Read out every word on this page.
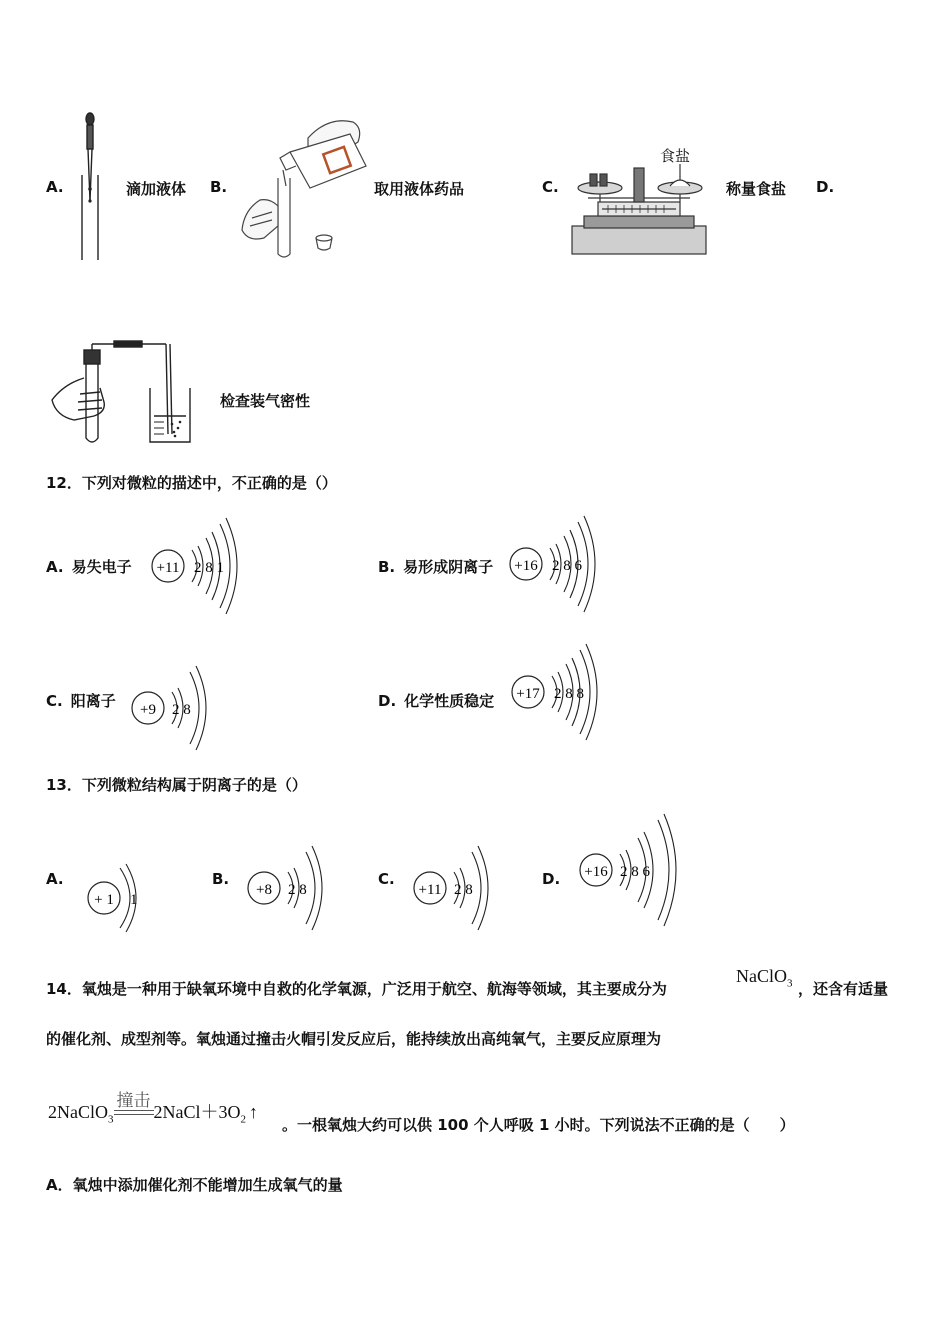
A.	滴加液体 B.	取用液体药品	C.
食盐
称量食盐 D.
检查装气密性
12．下列对微粒的描述中，不正确的是（）
A. 易失电子 +11 2 8 1	B. 易形成阴离子 +16 2 8 6
C. 阳离子 +9 2 8	D. 化学性质稳定 +17 2 8 8
13．下列微粒结构属于阴离子的是（）
A.
+ 1 1
B.
+8 2 8
C.
+11 2 8
D. +16 2 8 6
14．氧烛是一种用于缺氧环境中自救的化学氧源，广泛用于航空、航海等领域，其主要成分为
NaClO$_3$ ，还含有适量
的催化剂、成型剂等。氧烛通过撞击火帽引发反应后，能持续放出高纯氧气，主要反应原理为
2NaClO$_3$
撞击
$2NaCl+3O_2$ ↑
。一根氧烛大约可以供 100 个人呼吸 1 小时。下列说法不正确的是（　　）
A．氧烛中添加催化剂不能增加生成氧气的量
